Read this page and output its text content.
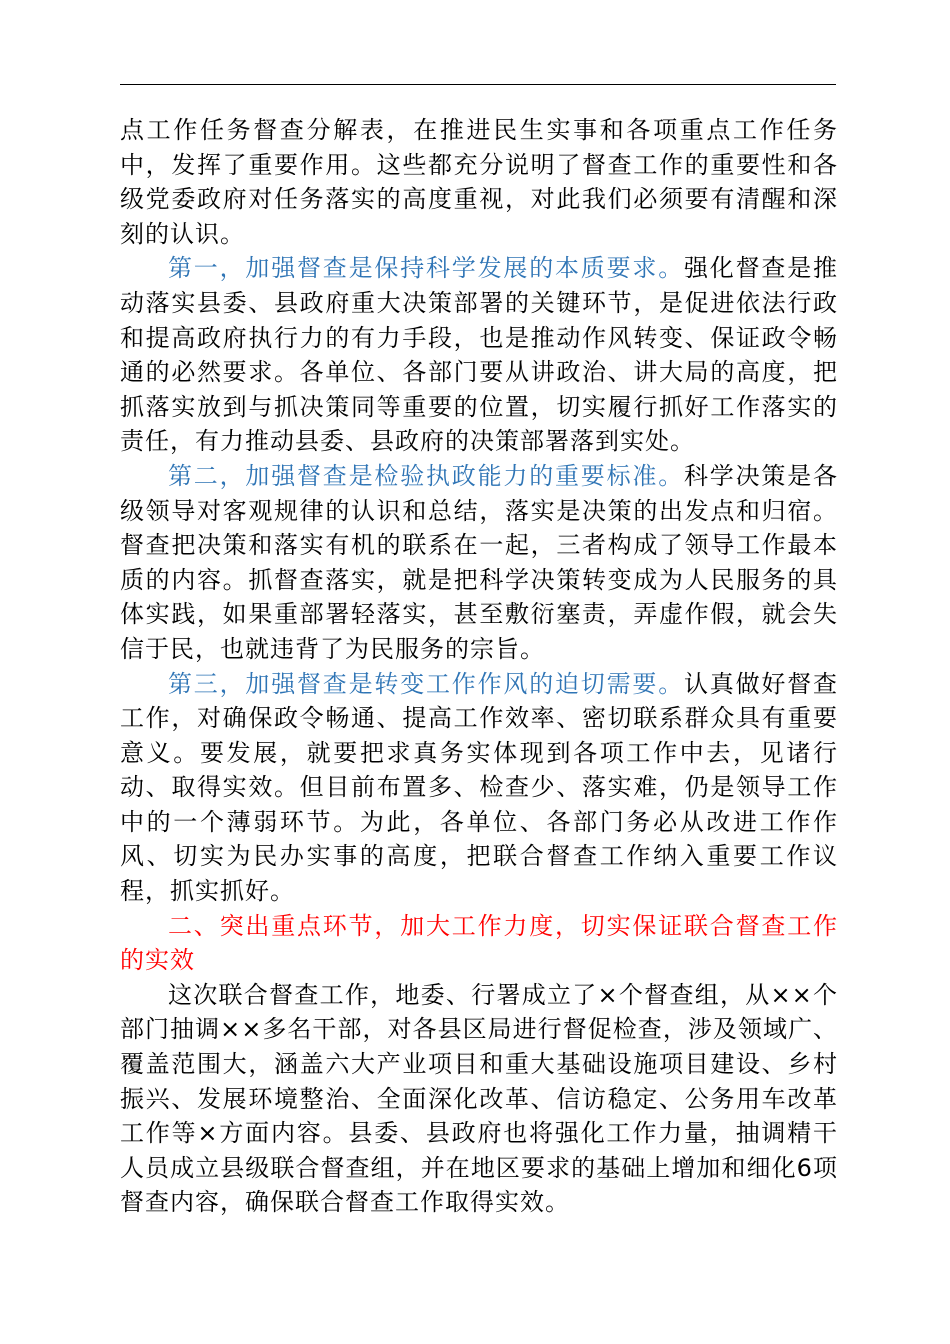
点工作任务督查分解表，在推进民生实事和各项重点工作任务中，发挥了重要作用。这些都充分说明了督查工作的重要性和各级党委政府对任务落实的高度重视，对此我们必须要有清醒和深刻的认识。

第一，加强督查是保持科学发展的本质要求。强化督查是推动落实县委、县政府重大决策部署的关键环节，是促进依法行政和提高政府执行力的有力手段，也是推动作风转变、保证政令畅通的必然要求。各单位、各部门要从讲政治、讲大局的高度，把抓落实放到与抓决策同等重要的位置，切实履行抓好工作落实的责任，有力推动县委、县政府的决策部署落到实处。

第二，加强督查是检验执政能力的重要标准。科学决策是各级领导对客观规律的认识和总结，落实是决策的出发点和归宿。督查把决策和落实有机的联系在一起，三者构成了领导工作最本质的内容。抓督查落实，就是把科学决策转变成为人民服务的具体实践，如果重部署轻落实，甚至敷衍塞责，弄虚作假，就会失信于民，也就违背了为民服务的宗旨。

第三，加强督查是转变工作作风的迫切需要。认真做好督查工作，对确保政令畅通、提高工作效率、密切联系群众具有重要意义。要发展，就要把求真务实体现到各项工作中去，见诸行动、取得实效。但目前布置多、检查少、落实难，仍是领导工作中的一个薄弱环节。为此，各单位、各部门务必从改进工作作风、切实为民办实事的高度，把联合督查工作纳入重要工作议程，抓实抓好。

二、突出重点环节，加大工作力度，切实保证联合督查工作的实效

这次联合督查工作，地委、行署成立了×个督查组，从××个部门抽调××多名干部，对各县区局进行督促检查，涉及领域广、覆盖范围大，涵盖六大产业项目和重大基础设施项目建设、乡村振兴、发展环境整治、全面深化改革、信访稳定、公务用车改革工作等×方面内容。县委、县政府也将强化工作力量，抽调精干人员成立县级联合督查组，并在地区要求的基础上增加和细化6项督查内容，确保联合督查工作取得实效。
